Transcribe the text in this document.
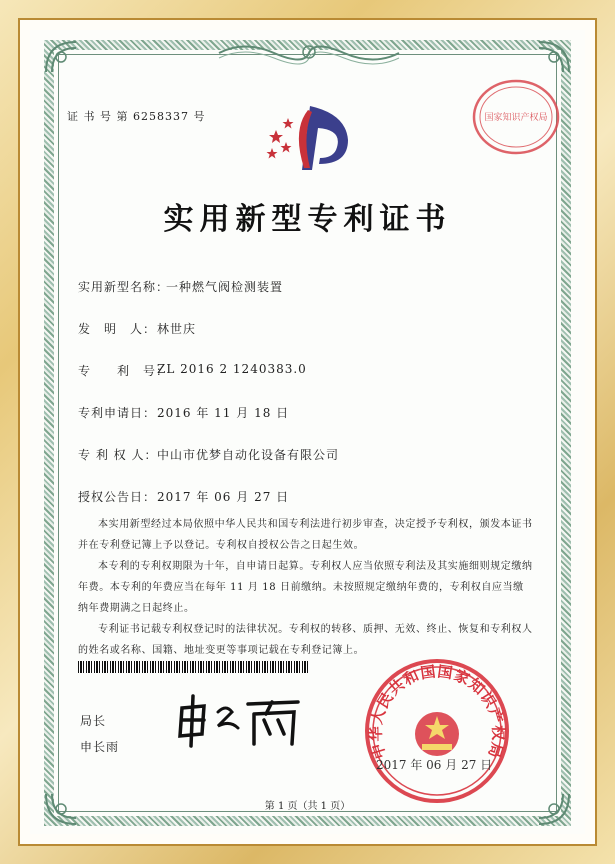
证 书 号 第 6258337 号	国家知识产权局
实用新型专利证书
实用新型名称：
一种燃气阀检测装置
发　明　人： 林世庆
专　　利　号：
ZL 2016 2 1240383.0
专利申请日： 2016 年 11 月 18 日
专 利 权 人： 中山市优梦自动化设备有限公司
授权公告日： 2017 年 06 月 27 日

本实用新型经过本局依照中华人民共和国专利法进行初步审查，决定授予专利权，颁发本证书并在专利登记簿上予以登记。专利权自授权公告之日起生效。

本专利的专利权期限为十年，自申请日起算。专利权人应当依照专利法及其实施细则规定缴纳年费。本专利的年费应当在每年 11 月 18 日前缴纳。未按照规定缴纳年费的，专利权自应当缴纳年费期满之日起终止。

专利证书记载专利权登记时的法律状况。专利权的转移、质押、无效、终止、恢复和专利权人的姓名或名称、国籍、地址变更等事项记载在专利登记簿上。

局长
申长雨	中华人民共和国国家知识产权局
2017 年 06 月 27 日
第 1 页（共 1 页）
